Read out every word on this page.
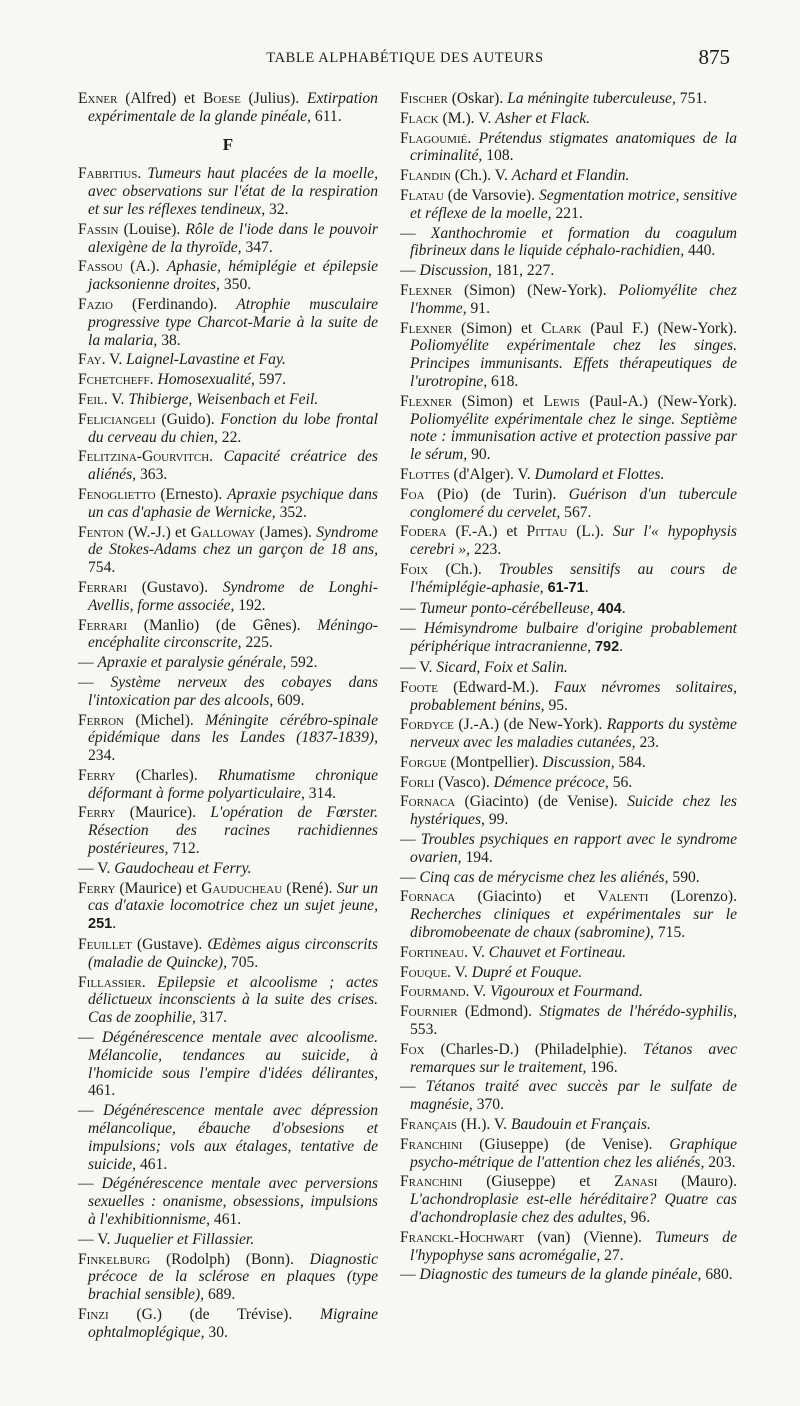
TABLE ALPHABÉTIQUE DES AUTEURS	875
Exner (Alfred) et Boese (Julius). Extirpation expérimentale de la glande pinéale, 611.
F
Fabritius. Tumeurs haut placées de la moelle, avec observations sur l'état de la respiration et sur les réflexes tendineux, 32.
Fassin (Louise). Rôle de l'iode dans le pouvoir alexigène de la thyroïde, 347.
Fassou (A.). Aphasie, hémiplégie et épilepsie jacksonienne droites, 350.
Fazio (Ferdinando). Atrophie musculaire progressive type Charcot-Marie à la suite de la malaria, 38.
Fay. V. Laignel-Lavastine et Fay.
Fchetcheff. Homosexualité, 597.
Feil. V. Thibierge, Weisenbach et Feil.
Feliciangeli (Guido). Fonction du lobe frontal du cerveau du chien, 22.
Felitzina-Gourvitch. Capacité créatrice des aliénés, 363.
Fenoglietto (Ernesto). Apraxie psychique dans un cas d'aphasie de Wernicke, 352.
Fenton (W.-J.) et Galloway (James). Syndrome de Stokes-Adams chez un garçon de 18 ans, 754.
Ferrari (Gustavo). Syndrome de Longhi-Avellis, forme associée, 192.
Ferrari (Manlio) (de Gênes). Méningo-encéphalite circonscrite, 225.
— Apraxie et paralysie générale, 592.
— Système nerveux des cobayes dans l'intoxication par des alcools, 609.
Ferron (Michel). Méningite cérébro-spinale épidémique dans les Landes (1837-1839), 234.
Ferry (Charles). Rhumatisme chronique déformant à forme polyarticulaire, 314.
Ferry (Maurice). L'opération de Fœrster. Résection des racines rachidiennes postérieures, 712.
— V. Gaudocheau et Ferry.
Ferry (Maurice) et Gauducheau (René). Sur un cas d'ataxie locomotrice chez un sujet jeune, 251.
Feuillet (Gustave). Œdèmes aigus circonscrits (maladie de Quincke), 705.
Fillassier. Epilepsie et alcoolisme ; actes délictueux inconscients à la suite des crises. Cas de zoophilie, 317.
— Dégénérescence mentale avec alcoolisme. Mélancolie, tendances au suicide, à l'homicide sous l'empire d'idées délirantes, 461.
— Dégénérescence mentale avec dépression mélancolique, ébauche d'obsesions et impulsions; vols aux étalages, tentative de suicide, 461.
— Dégénérescence mentale avec perversions sexuelles : onanisme, obsessions, impulsions à l'exhibitionnisme, 461.
— V. Juquelier et Fillassier.
Finkelburg (Rodolph) (Bonn). Diagnostic précoce de la sclérose en plaques (type brachial sensible), 689.
Finzi (G.) (de Trévise). Migraine ophtalmoplégique, 30.
Fischer (Oskar). La méningite tuberculeuse, 751.
Flack (M.). V. Asher et Flack.
Flagoumié. Prétendus stigmates anatomiques de la criminalité, 108.
Flandin (Ch.). V. Achard et Flandin.
Flatau (de Varsovie). Segmentation motrice, sensitive et réflexe de la moelle, 221.
— Xanthochromie et formation du coagulum fibrineux dans le liquide céphalo-rachidien, 440.
— Discussion, 181, 227.
Flexner (Simon) (New-York). Poliomyélite chez l'homme, 91.
Flexner (Simon) et Clark (Paul F.) (New-York). Poliomyélite expérimentale chez les singes. Principes immunisants. Effets thérapeutiques de l'urotropine, 618.
Flexner (Simon) et Lewis (Paul-A.) (New-York). Poliomyélite expérimentale chez le singe. Septième note : immunisation active et protection passive par le sérum, 90.
Flottes (d'Alger). V. Dumolard et Flottes.
Foa (Pio) (de Turin). Guérison d'un tubercule conglomeré du cervelet, 567.
Fodera (F.-A.) et Pittau (L.). Sur l'« hypophysis cerebri », 223.
Foix (Ch.). Troubles sensitifs au cours de l'hémiplégie-aphasie, 61-71.
— Tumeur ponto-cérébelleuse, 404.
— Hémisyndrome bulbaire d'origine probablement périphérique intracranienne, 792.
— V. Sicard, Foix et Salin.
Foote (Edward-M.). Faux névromes solitaires, probablement bénins, 95.
Fordyce (J.-A.) (de New-York). Rapports du système nerveux avec les maladies cutanées, 23.
Forgue (Montpellier). Discussion, 584.
Forli (Vasco). Démence précoce, 56.
Fornaca (Giacinto) (de Venise). Suicide chez les hystériques, 99.
— Troubles psychiques en rapport avec le syndrome ovarien, 194.
— Cinq cas de mérycisme chez les aliénés, 590.
Fornaca (Giacinto) et Valenti (Lorenzo). Recherches cliniques et expérimentales sur le dibromobeenate de chaux (sabromine), 715.
Fortineau. V. Chauvet et Fortineau.
Fouque. V. Dupré et Fouque.
Fourmand. V. Vigouroux et Fourmand.
Fournier (Edmond). Stigmates de l'hérédo-syphilis, 553.
Fox (Charles-D.) (Philadelphie). Tétanos avec remarques sur le traitement, 196.
— Tétanos traité avec succès par le sulfate de magnésie, 370.
Français (H.). V. Baudouin et Français.
Franchini (Giuseppe) (de Venise). Graphique psycho-métrique de l'attention chez les aliénés, 203.
Franchini (Giuseppe) et Zanasi (Mauro). L'achondroplasie est-elle héréditaire? Quatre cas d'achondroplasie chez des adultes, 96.
Franckl-Hochwart (van) (Vienne). Tumeurs de l'hypophyse sans acromégalie, 27.
— Diagnostic des tumeurs de la glande pinéale, 680.
